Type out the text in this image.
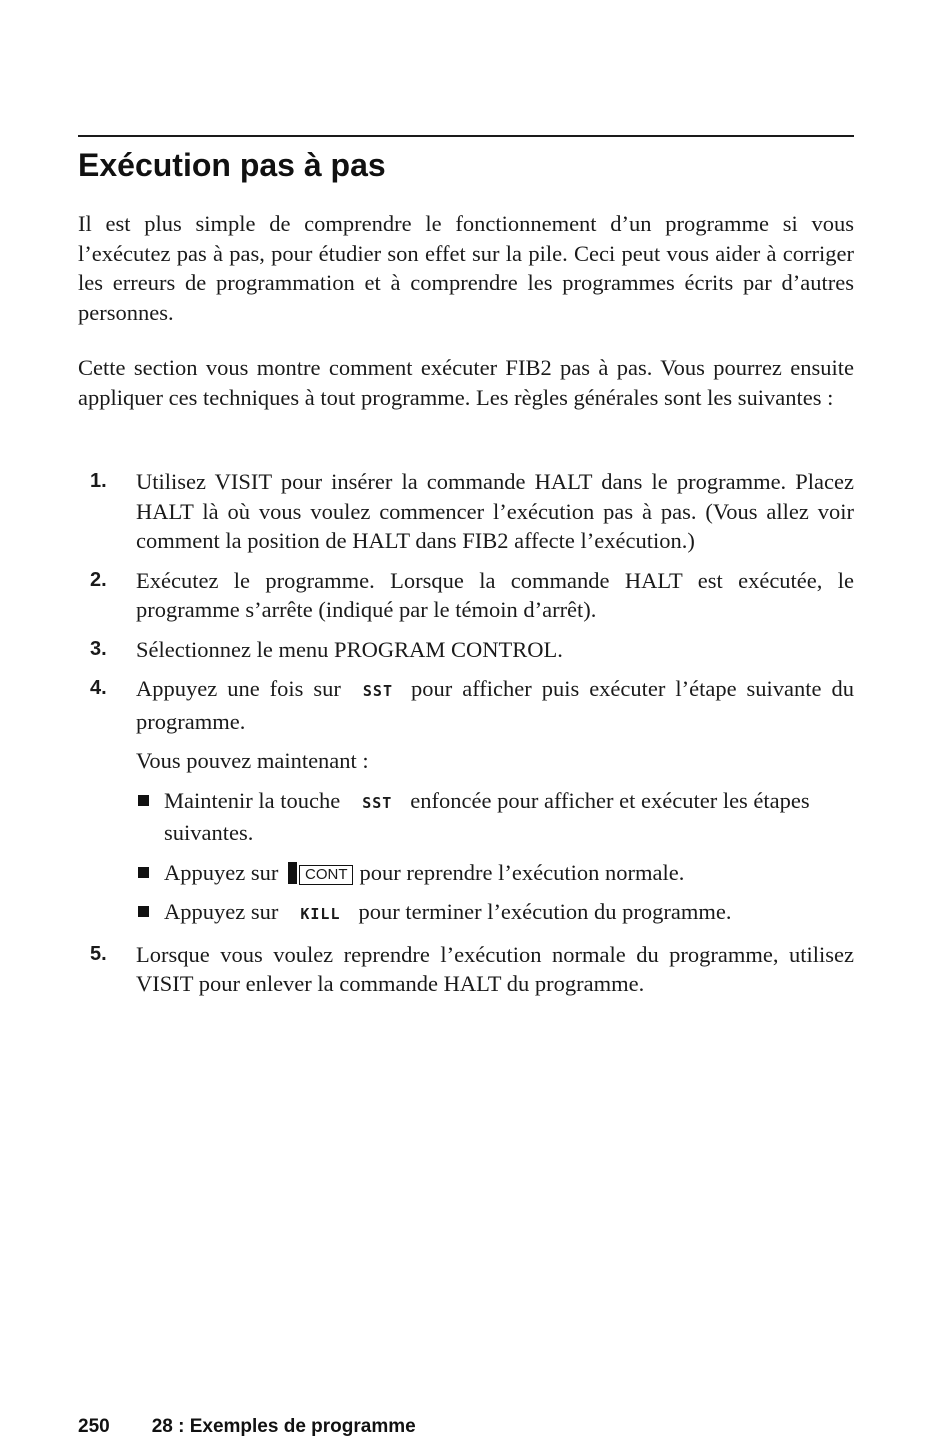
Exécution pas à pas

Il est plus simple de comprendre le fonctionnement d’un programme si vous l’exécutez pas à pas, pour étudier son effet sur la pile. Ceci peut vous aider à corriger les erreurs de programmation et à comprendre les programmes écrits par d’autres personnes.

Cette section vous montre comment exécuter FIB2 pas à pas. Vous pourrez ensuite appliquer ces techniques à tout programme. Les règles générales sont les suivantes :

1. Utilisez VISIT pour insérer la commande HALT dans le programme. Placez HALT là où vous voulez commencer l’exécution pas à pas. (Vous allez voir comment la position de HALT dans FIB2 affecte l’exécution.)
2. Exécutez le programme. Lorsque la commande HALT est exécutée, le programme s’arrête (indiqué par le témoin d’arrêt).
3. Sélectionnez le menu PROGRAM CONTROL.
4. Appuyez une fois sur SST pour afficher puis exécuter l’étape suivante du programme.
Vous pouvez maintenant :
Maintenir la touche SST enfoncée pour afficher et exécuter les étapes suivantes.
Appuyez sur CONT pour reprendre l’exécution normale.
Appuyez sur KILL pour terminer l’exécution du programme.
5. Lorsque vous voulez reprendre l’exécution normale du programme, utilisez VISIT pour enlever la commande HALT du programme.
250 28 : Exemples de programme
